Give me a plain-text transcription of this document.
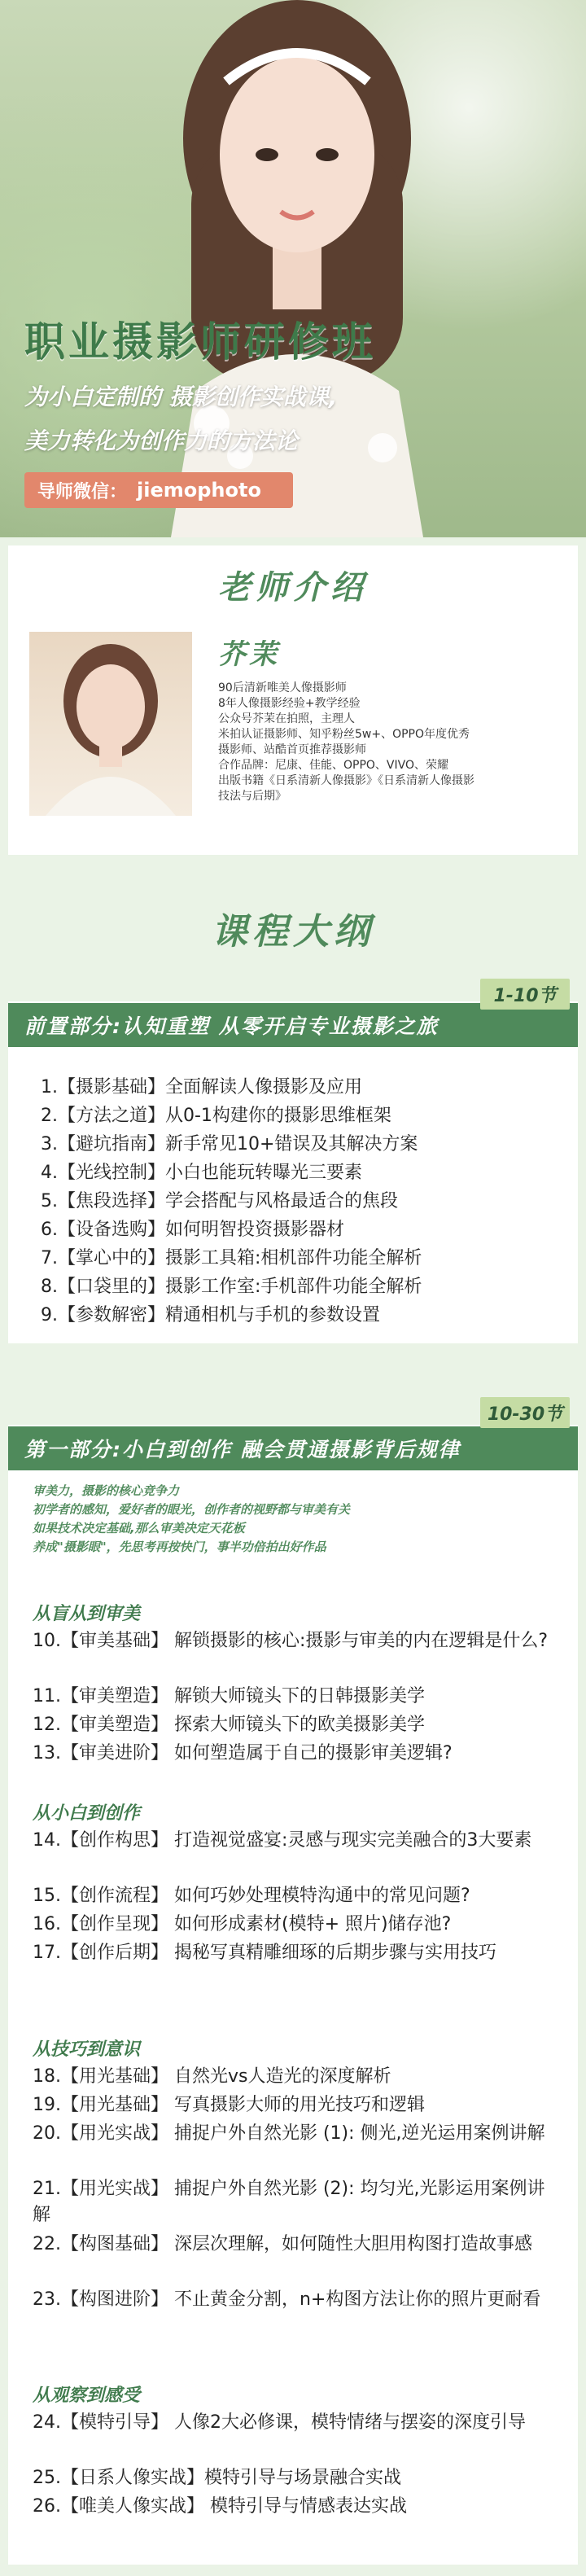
职业摄影师研修班
为小白定制的 摄影创作实战课,
美力转化为创作力的方法论
导师微信： jiemophoto
老师介绍
芥茉
90后清新唯美人像摄影师
8年人像摄影经验+教学经验
公众号芥茉在拍照，主理人
米拍认证摄影师、知乎粉丝5w+、OPPO年度优秀
摄影师、站酷首页推荐摄影师
合作品牌：尼康、佳能、OPPO、VIVO、荣耀
出版书籍《日系清新人像摄影》《日系清新人像摄影
技法与后期》
课程大纲
前置部分:认知重塑 从零开启专业摄影之旅
1-10节
1.【摄影基础】全面解读人像摄影及应用
2.【方法之道】从0-1构建你的摄影思维框架
3.【避坑指南】新手常见10+错误及其解决方案
4.【光线控制】小白也能玩转曝光三要素
5.【焦段选择】学会搭配与风格最适合的焦段
6.【设备选购】如何明智投资摄影器材
7.【掌心中的】摄影工具箱:相机部件功能全解析
8.【口袋里的】摄影工作室:手机部件功能全解析
9.【参数解密】精通相机与手机的参数设置
第一部分:小白到创作 融会贯通摄影背后规律
10-30节
审美力，摄影的核心竞争力
初学者的感知，爱好者的眼光，创作者的视野都与审美有关
如果技术决定基础,那么审美决定天花板
养成"摄影眼"，先思考再按快门，事半功倍拍出好作品
从盲从到审美
10.【审美基础】 解锁摄影的核心:摄影与审美的内在逻辑是什么?
11.【审美塑造】 解锁大师镜头下的日韩摄影美学
12.【审美塑造】 探索大师镜头下的欧美摄影美学
13.【审美进阶】 如何塑造属于自己的摄影审美逻辑?
从小白到创作
14.【创作构思】 打造视觉盛宴:灵感与现实完美融合的3大要素
15.【创作流程】 如何巧妙处理模特沟通中的常见问题?
16.【创作呈现】 如何形成素材(模特+ 照片)储存池?
17.【创作后期】 揭秘写真精雕细琢的后期步骤与实用技巧
从技巧到意识
18.【用光基础】 自然光vs人造光的深度解析
19.【用光基础】 写真摄影大师的用光技巧和逻辑
20.【用光实战】 捕捉户外自然光影 (1): 侧光,逆光运用案例讲解
21.【用光实战】 捕捉户外自然光影 (2): 均匀光,光影运用案例讲解
22.【构图基础】 深层次理解，如何随性大胆用构图打造故事感
23.【构图进阶】 不止黄金分割，n+构图方法让你的照片更耐看
从观察到感受
24.【模特引导】 人像2大必修课，模特情绪与摆姿的深度引导
25.【日系人像实战】模特引导与场景融合实战
26.【唯美人像实战】 模特引导与情感表达实战
